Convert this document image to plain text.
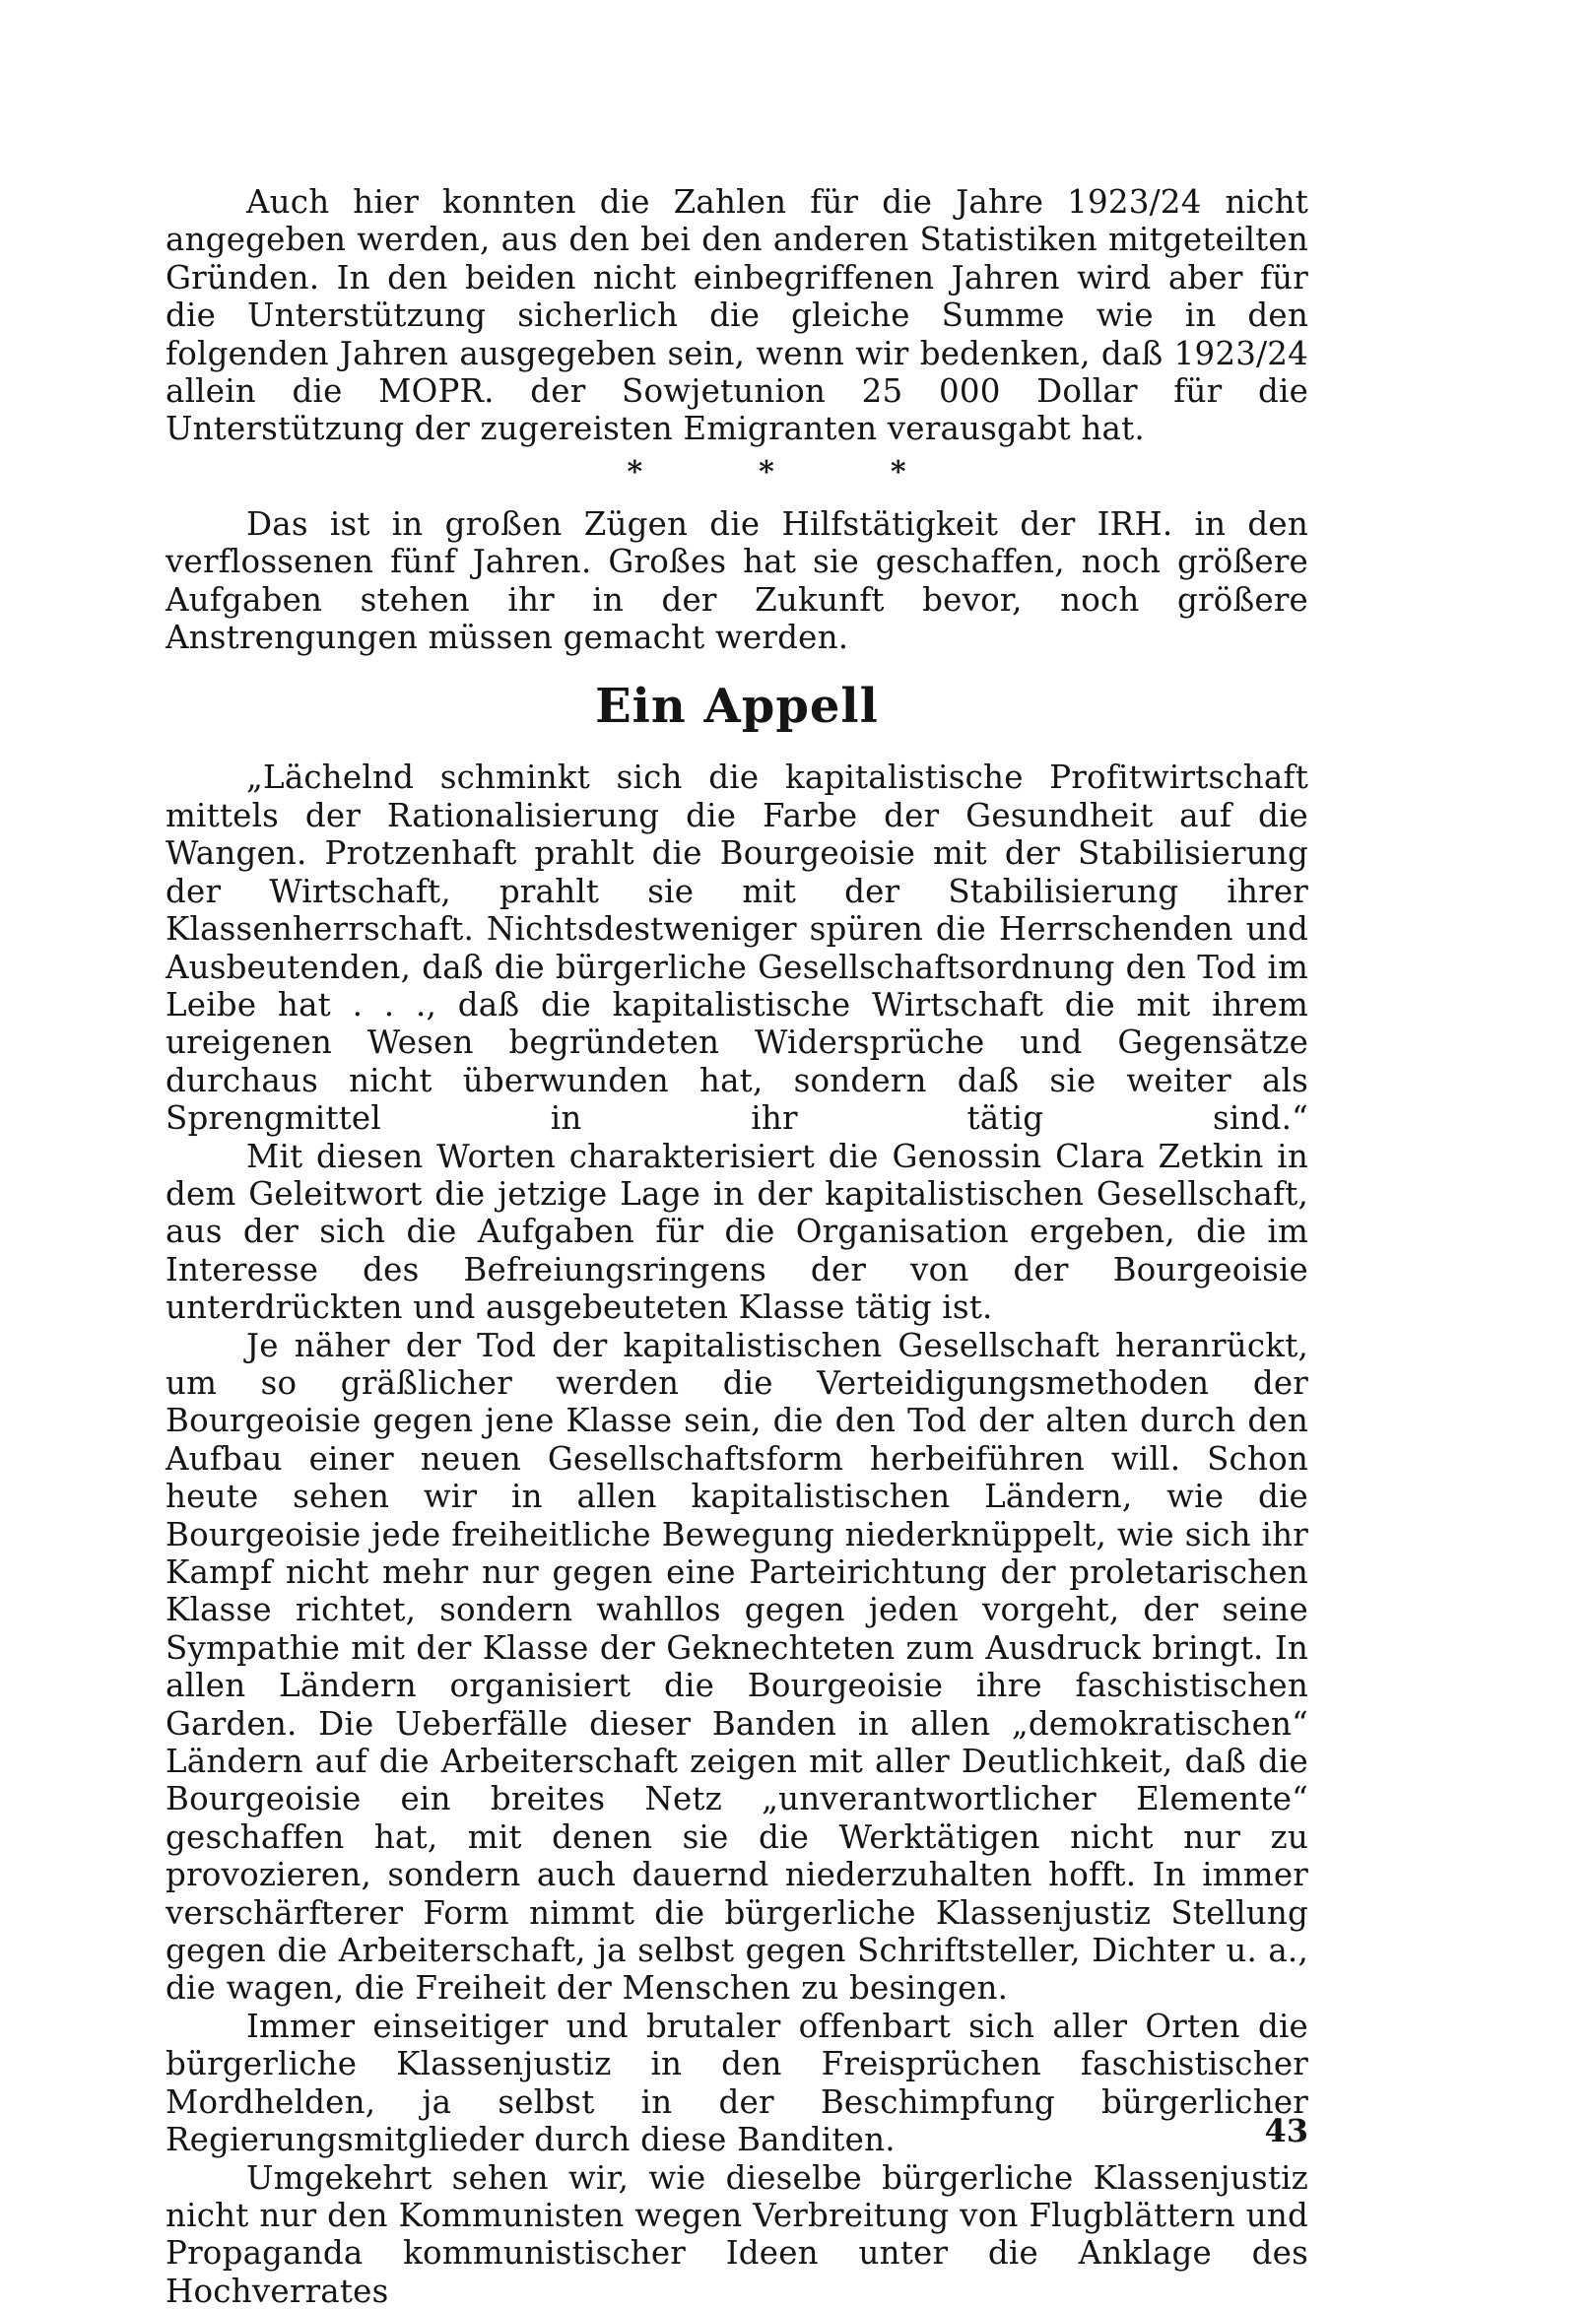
Auch hier konnten die Zahlen für die Jahre 1923/24 nicht angegeben werden, aus den bei den anderen Statistiken mitgeteilten Gründen. In den beiden nicht einbegriffenen Jahren wird aber für die Unterstützung sicherlich die gleiche Summe wie in den folgenden Jahren ausgegeben sein, wenn wir bedenken, daß 1923/24 allein die MOPR. der Sowjetunion 25 000 Dollar für die Unterstützung der zugereisten Emigranten verausgabt hat.

*	*	*

Das ist in großen Zügen die Hilfstätigkeit der IRH. in den verflossenen fünf Jahren. Großes hat sie geschaffen, noch größere Aufgaben stehen ihr in der Zukunft bevor, noch größere Anstrengungen müssen gemacht werden.

Ein Appell

„Lächelnd schminkt sich die kapitalistische Profitwirtschaft mittels der Rationalisierung die Farbe der Gesundheit auf die Wangen. Protzenhaft prahlt die Bourgeoisie mit der Stabilisierung der Wirtschaft, prahlt sie mit der Stabilisierung ihrer Klassenherrschaft. Nichtsdestweniger spüren die Herrschenden und Ausbeutenden, daß die bürgerliche Gesellschaftsordnung den Tod im Leibe hat . . ., daß die kapitalistische Wirtschaft die mit ihrem ureigenen Wesen begründeten Widersprüche und Gegensätze durchaus nicht überwunden hat, sondern daß sie weiter als Sprengmittel in ihr tätig sind.“

Mit diesen Worten charakterisiert die Genossin Clara Zetkin in dem Geleitwort die jetzige Lage in der kapitalistischen Gesellschaft, aus der sich die Aufgaben für die Organisation ergeben, die im Interesse des Befreiungsringens der von der Bourgeoisie unterdrückten und ausgebeuteten Klasse tätig ist.

Je näher der Tod der kapitalistischen Gesellschaft heranrückt, um so gräßlicher werden die Verteidigungsmethoden der Bourgeoisie gegen jene Klasse sein, die den Tod der alten durch den Aufbau einer neuen Gesellschaftsform herbeiführen will. Schon heute sehen wir in allen kapitalistischen Ländern, wie die Bourgeoisie jede freiheitliche Bewegung niederknüppelt, wie sich ihr Kampf nicht mehr nur gegen eine Parteirichtung der proletarischen Klasse richtet, sondern wahllos gegen jeden vorgeht, der seine Sympathie mit der Klasse der Geknechteten zum Ausdruck bringt. In allen Ländern organisiert die Bourgeoisie ihre faschistischen Garden. Die Ueberfälle dieser Banden in allen „demokratischen“ Ländern auf die Arbeiterschaft zeigen mit aller Deutlichkeit, daß die Bourgeoisie ein breites Netz „unverantwortlicher Elemente“ geschaffen hat, mit denen sie die Werktätigen nicht nur zu provozieren, sondern auch dauernd niederzuhalten hofft. In immer verschärfterer Form nimmt die bürgerliche Klassenjustiz Stellung gegen die Arbeiterschaft, ja selbst gegen Schriftsteller, Dichter u. a., die wagen, die Freiheit der Menschen zu besingen.

Immer einseitiger und brutaler offenbart sich aller Orten die bürgerliche Klassenjustiz in den Freisprüchen faschistischer Mordhelden, ja selbst in der Beschimpfung bürgerlicher Regierungsmitglieder durch diese Banditen.

Umgekehrt sehen wir, wie dieselbe bürgerliche Klassenjustiz nicht nur den Kommunisten wegen Verbreitung von Flugblättern und Propaganda kommunistischer Ideen unter die Anklage des Hochverrates

43
